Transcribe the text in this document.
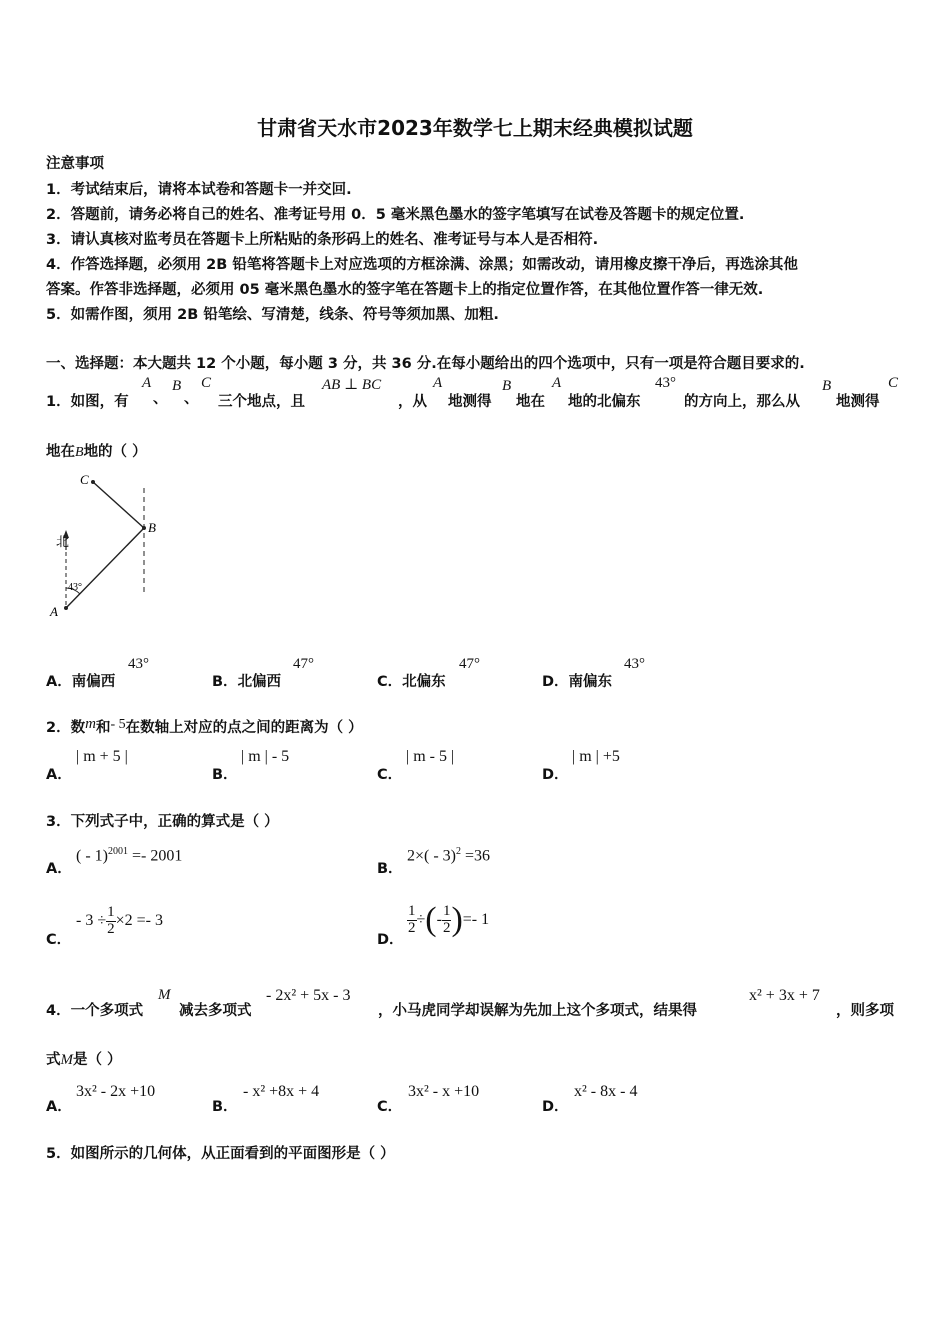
甘肃省天水市2023年数学七上期末经典模拟试题
注意事项
1．考试结束后，请将本试卷和答题卡一并交回.
2．答题前，请务必将自己的姓名、准考证号用 0．5 毫米黑色墨水的签字笔填写在试卷及答题卡的规定位置.
3．请认真核对监考员在答题卡上所粘贴的条形码上的姓名、准考证号与本人是否相符.
4．作答选择题，必须用 2B 铅笔将答题卡上对应选项的方框涂满、涂黑；如需改动，请用橡皮擦干净后，再选涂其他
答案。作答非选择题，必须用 05 毫米黑色墨水的签字笔在答题卡上的指定位置作答，在其他位置作答一律无效.
5．如需作图，须用 2B 铅笔绘、写清楚，线条、符号等须加黑、加粗.
一、选择题：本大题共 12 个小题，每小题 3 分，共 36 分.在每小题给出的四个选项中，只有一项是符合题目要求的.
1．如图，有
A
、
B
、
C
三个地点，且
AB ⊥ BC
，从
A
地测得
B
地在
A
地的北偏东
43°
的方向上，那么从
B
地测得
C
地在B地的（ ）
C
B
北
43°
A
A．南偏西
43°
B．北偏西
47°
C．北偏东
47°
D．南偏东
43°
2．数m和- 5在数轴上对应的点之间的距离为（ ）
A．
| m + 5 |
B．
| m | - 5
C．
| m - 5 |
D．
| m | +5
3．下列式子中，正确的算式是（ ）
A．
( - 1)$^{2001}$ =- 2001
B．
2×( - 3)$^2$ =36
C．
- $3 \div \frac{1}{2} \times 2 =- 3$
D．
$\frac{1}{2}$ ÷(- $\frac{1}{2}$ )=- 1
4．一个多项式
M
减去多项式
- 2x² + 5x - 3
，小马虎同学却误解为先加上这个多项式，结果得
x² + 3x + 7
，则多项
式M是（ ）
A．
3x² - 2x +10
B．
- x² +8x + 4
C．
3x² - x +10
D．
x² - 8x - 4
5．如图所示的几何体，从正面看到的平面图形是（ ）
